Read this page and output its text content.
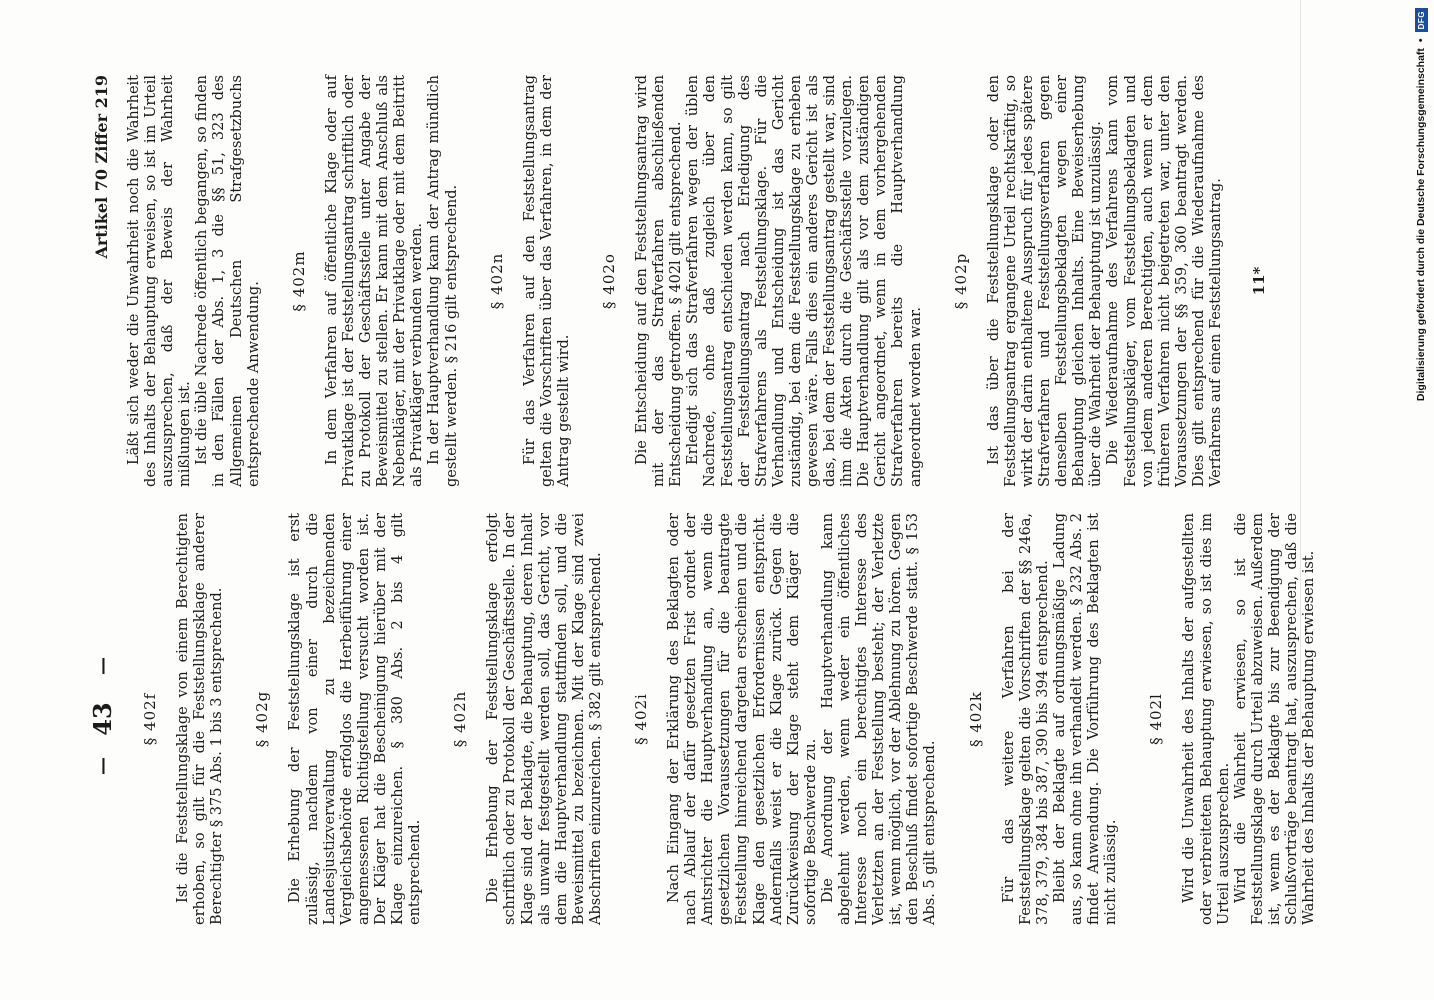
—
43
—
Artikel 70 Ziffer 219
§ 402f Ist die Feststellungsklage von einem Berechtigten erhoben, so gilt für die Feststellungsklage anderer Berechtigter § 375 Abs. 1 bis 3 entsprechend. § 402g Die Erhebung der Feststellungsklage ist erst zulässig, nachdem von einer durch die Landesjustizverwaltung zu bezeichnenden Vergleichsbehörde erfolglos die Herbeiführung einer angemessenen Richtigstellung versucht worden ist. Der Kläger hat die Bescheinigung hierüber mit der Klage einzureichen. § 380 Abs. 2 bis 4 gilt entsprechend.

§ 402h Die Erhebung der Feststellungsklage erfolgt schriftlich oder zu Protokoll der Geschäftsstelle. In der Klage sind der Beklagte, die Behauptung, deren Inhalt als unwahr festgestellt werden soll, das Gericht, vor dem die Hauptverhandlung stattfinden soll, und die Beweismittel zu bezeichnen. Mit der Klage sind zwei Abschriften einzureichen. § 382 gilt entsprechend. § 402i Nach Eingang der Erklärung des Beklagten oder nach Ablauf der dafür gesetzten Frist ordnet der Amtsrichter die Hauptverhandlung an, wenn die gesetzlichen Voraussetzungen für die beantragte Feststellung hinreichend dargetan erscheinen und die Klage den gesetzlichen Erfordernissen entspricht. Andernfalls weist er die Klage zurück. Gegen die Zurückweisung der Klage steht dem Kläger die sofortige Beschwerde zu. Die Anordnung der Hauptverhandlung kann abgelehnt werden, wenn weder ein öffentliches Interesse noch ein berechtigtes Interesse des Verletzten an der Feststellung besteht; der Verletzte ist, wenn möglich, vor der Ablehnung zu hören. Gegen den Beschluß findet sofortige Beschwerde statt. § 153 Abs. 5 gilt entsprechend.

§ 402k Für das weitere Verfahren bei der Feststellungsklage gelten die Vorschriften der §§ 246a, 378, 379, 384 bis 387, 390 bis 394 entsprechend. Bleibt der Beklagte auf ordnungsmäßige Ladung aus, so kann ohne ihn verhandelt werden. § 232 Abs. 2 findet Anwendung. Die Vorführung des Beklagten ist nicht zulässig.

§ 402l Wird die Unwahrheit des Inhalts der aufgestellten oder verbreiteten Behauptung erwiesen, so ist dies im Urteil auszusprechen. Wird die Wahrheit erwiesen, so ist die Feststellungsklage durch Urteil abzuweisen. Außerdem ist, wenn es der Beklagte bis zur Beendigung der Schlußvorträge beantragt hat, auszusprechen, daß die Wahrheit des Inhalts der Behauptung erwiesen ist.

Läßt sich weder die Unwahrheit noch die Wahrheit des Inhalts der Behauptung erweisen, so ist im Urteil auszusprechen, daß der Beweis der Wahrheit mißlungen ist. Ist die üble Nachrede öffentlich begangen, so finden in den Fällen der Abs. 1, 3 die §§ 51, 323 des Allgemeinen Deutschen Strafgesetzbuchs entsprechende Anwendung.

§ 402m In dem Verfahren auf öffentliche Klage oder auf Privatklage ist der Feststellungsantrag schriftlich oder zu Protokoll der Geschäftsstelle unter Angabe der Beweismittel zu stellen. Er kann mit dem Anschluß als Nebenkläger, mit der Privatklage oder mit dem Beitritt als Privatkläger verbunden werden. In der Hauptverhandlung kann der Antrag mündlich gestellt werden. § 216 gilt entsprechend. § 402n Für das Verfahren auf den Feststellungsantrag gelten die Vorschriften über das Verfahren, in dem der Antrag gestellt wird.

§ 402o Die Entscheidung auf den Feststellungsantrag wird mit der das Strafverfahren abschließenden Entscheidung getroffen. § 402l gilt entsprechend. Erledigt sich das Strafverfahren wegen der üblen Nachrede, ohne daß zugleich über den Feststellungsantrag entschieden werden kann, so gilt der Feststellungsantrag nach Erledigung des Strafverfahrens als Feststellungsklage. Für die Verhandlung und Entscheidung ist das Gericht zuständig, bei dem die Feststellungsklage zu erheben gewesen wäre. Falls dies ein anderes Gericht ist als das, bei dem der Feststellungsantrag gestellt war, sind ihm die Akten durch die Geschäftsstelle vorzulegen. Die Hauptverhandlung gilt als vor dem zuständigen Gericht angeordnet, wenn in dem vorhergehenden Strafverfahren bereits die Hauptverhandlung angeordnet worden war.

§ 402p Ist das über die Feststellungsklage oder den Feststellungsantrag ergangene Urteil rechtskräftig, so wirkt der darin enthaltene Ausspruch für jedes spätere Strafverfahren und Feststellungsverfahren gegen denselben Feststellungsbeklagten wegen einer Behauptung gleichen Inhalts. Eine Beweiserhebung über die Wahrheit der Behauptung ist unzulässig. Die Wiederaufnahme des Verfahrens kann vom Feststellungskläger, vom Feststellungsbeklagten und von jedem anderen Berechtigten, auch wenn er dem früheren Verfahren nicht beigetreten war, unter den Voraussetzungen der §§ 359, 360 beantragt werden. Dies gilt entsprechend für die Wiederaufnahme des Verfahrens auf einen Feststellungsantrag. 11*	Digitalisierung gefördert durch die Deutsche Forschungsgemeinschaft
•
DFG
